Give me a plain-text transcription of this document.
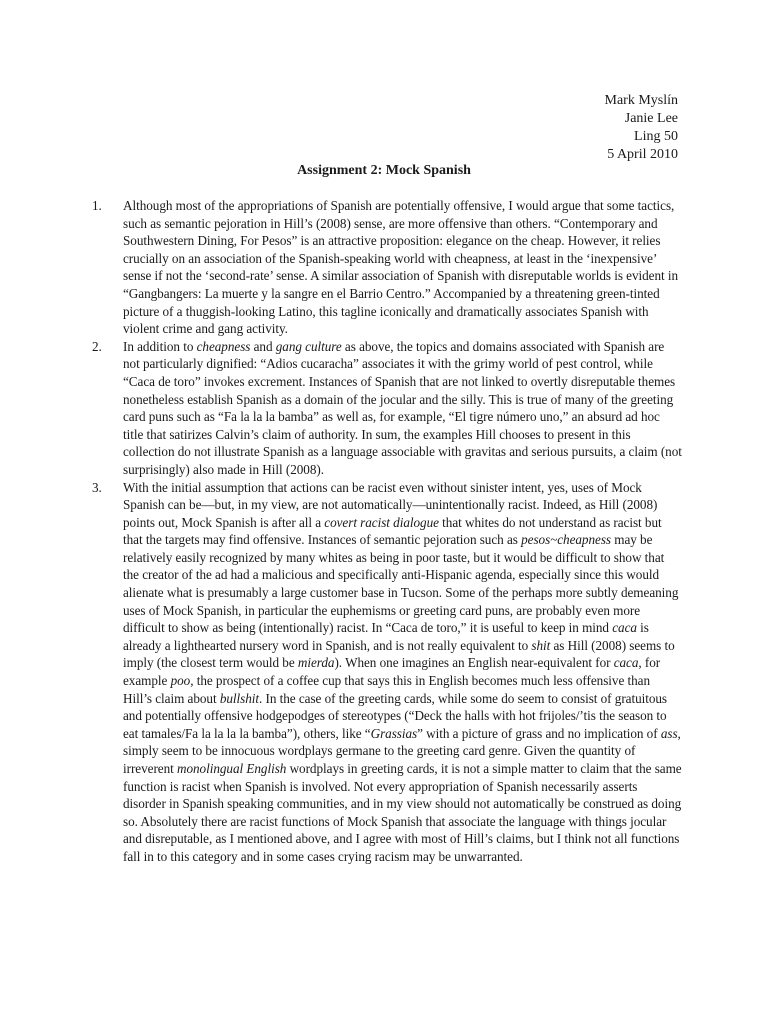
Mark Myslín
Janie Lee
Ling 50
5 April 2010
Assignment 2: Mock Spanish
1. Although most of the appropriations of Spanish are potentially offensive, I would argue that some tactics, such as semantic pejoration in Hill’s (2008) sense, are more offensive than others. “Contemporary and Southwestern Dining, For Pesos” is an attractive proposition: elegance on the cheap. However, it relies crucially on an association of the Spanish-speaking world with cheapness, at least in the ‘inexpensive’ sense if not the ‘second-rate’ sense. A similar association of Spanish with disreputable worlds is evident in “Gangbangers: La muerte y la sangre en el Barrio Centro.” Accompanied by a threatening green-tinted picture of a thuggish-looking Latino, this tagline iconically and dramatically associates Spanish with violent crime and gang activity.
2. In addition to cheapness and gang culture as above, the topics and domains associated with Spanish are not particularly dignified: “Adios cucaracha” associates it with the grimy world of pest control, while “Caca de toro” invokes excrement. Instances of Spanish that are not linked to overtly disreputable themes nonetheless establish Spanish as a domain of the jocular and the silly. This is true of many of the greeting card puns such as “Fa la la la bamba” as well as, for example, “El tigre número uno,” an absurd ad hoc title that satirizes Calvin’s claim of authority. In sum, the examples Hill chooses to present in this collection do not illustrate Spanish as a language associable with gravitas and serious pursuits, a claim (not surprisingly) also made in Hill (2008).
3. With the initial assumption that actions can be racist even without sinister intent, yes, uses of Mock Spanish can be—but, in my view, are not automatically—unintentionally racist. Indeed, as Hill (2008) points out, Mock Spanish is after all a covert racist dialogue that whites do not understand as racist but that the targets may find offensive. Instances of semantic pejoration such as pesos~cheapness may be relatively easily recognized by many whites as being in poor taste, but it would be difficult to show that the creator of the ad had a malicious and specifically anti-Hispanic agenda, especially since this would alienate what is presumably a large customer base in Tucson. Some of the perhaps more subtly demeaning uses of Mock Spanish, in particular the euphemisms or greeting card puns, are probably even more difficult to show as being (intentionally) racist. In “Caca de toro,” it is useful to keep in mind caca is already a lighthearted nursery word in Spanish, and is not really equivalent to shit as Hill (2008) seems to imply (the closest term would be mierda). When one imagines an English near-equivalent for caca, for example poo, the prospect of a coffee cup that says this in English becomes much less offensive than Hill’s claim about bullshit. In the case of the greeting cards, while some do seem to consist of gratuitous and potentially offensive hodgepodges of stereotypes (“Deck the halls with hot frijoles/’tis the season to eat tamales/Fa la la la la bamba”), others, like “Grassias” with a picture of grass and no implication of ass, simply seem to be innocuous wordplays germane to the greeting card genre. Given the quantity of irreverent monolingual English wordplays in greeting cards, it is not a simple matter to claim that the same function is racist when Spanish is involved. Not every appropriation of Spanish necessarily asserts disorder in Spanish speaking communities, and in my view should not automatically be construed as doing so. Absolutely there are racist functions of Mock Spanish that associate the language with things jocular and disreputable, as I mentioned above, and I agree with most of Hill’s claims, but I think not all functions fall in to this category and in some cases crying racism may be unwarranted.
